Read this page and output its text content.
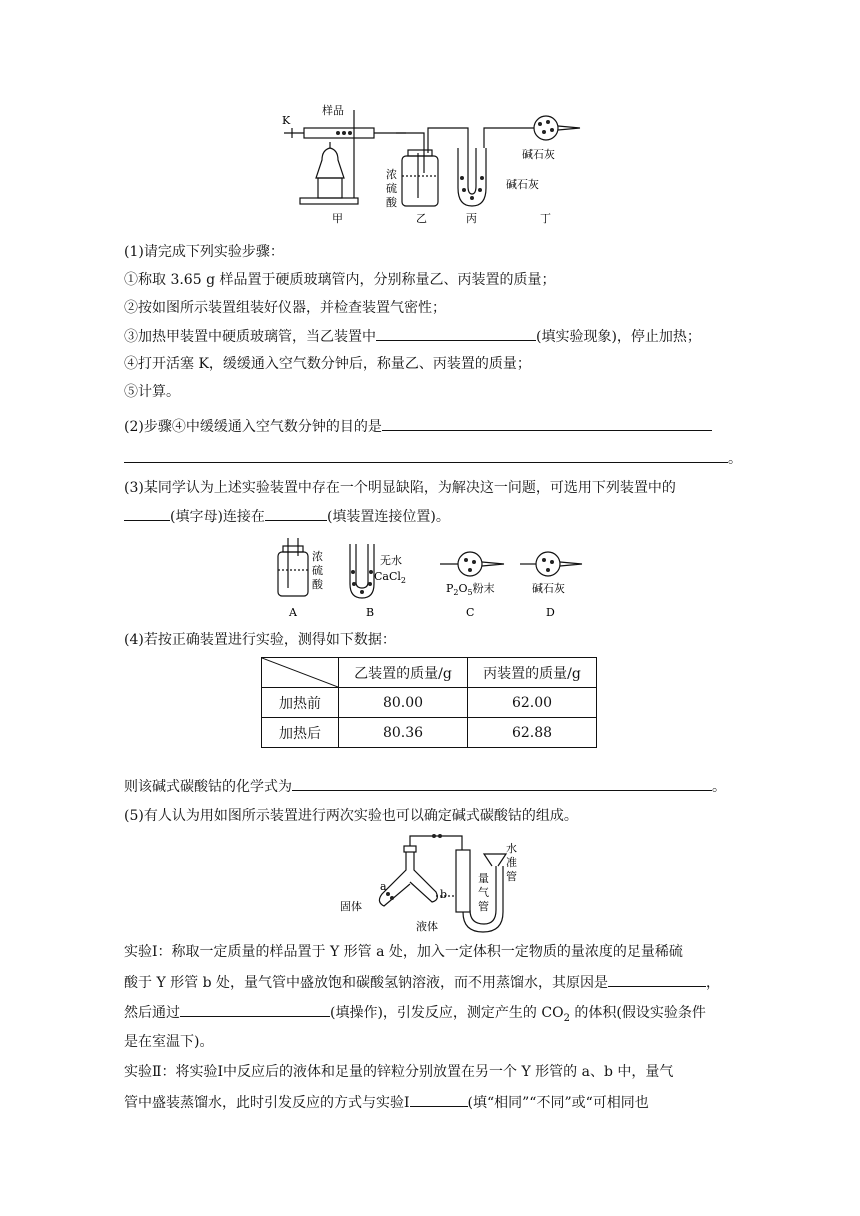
K
样品
浓
硫
酸
碱石灰
碱石灰
甲	乙	丙	丁
(1)请完成下列实验步骤：
①称取 3.65 g 样品置于硬质玻璃管内，分别称量乙、丙装置的质量；
②按如图所示装置组装好仪器，并检查装置气密性；
③加热甲装置中硬质玻璃管，当乙装置中	(填实验现象)，停止加热；
④打开活塞 K，缓缓通入空气数分钟后，称量乙、丙装置的质量；
⑤计算。
(2)步骤④中缓缓通入空气数分钟的目的是
。
(3)某同学认为上述实验装置中存在一个明显缺陷，为解决这一问题，可选用下列装置中的
(填字母)连接在	(填装置连接位置)。
浓
硫
酸
无水
CaCl$_2$
$P_2O_5$粉末	碱石灰
A	B	C	D
(4)若按正确装置进行实验，测得如下数据：
	乙装置的质量/g	丙装置的质量/g
加热前	80.00	62.00
加热后	80.36	62.88
则该碱式碳酸钴的化学式为	。
(5)有人认为用如图所示装置进行两次实验也可以确定碱式碳酸钴的组成。
a
b
固体
液体
水
准
管
量
气
管
实验Ⅰ：称取一定质量的样品置于 Y 形管 a 处，加入一定体积一定物质的量浓度的足量稀硫
酸于 Y 形管 b 处，量气管中盛放饱和碳酸氢钠溶液，而不用蒸馏水，其原因是	，
然后通过	(填操作)，引发反应，测定产生的 $CO_2$ 的体积(假设实验条件
是在室温下)。
实验Ⅱ：将实验Ⅰ中反应后的液体和足量的锌粒分别放置在另一个 Y 形管的 a、b 中，量气
管中盛装蒸馏水，此时引发反应的方式与实验Ⅰ	(填“相同”“不同”或“可相同也
